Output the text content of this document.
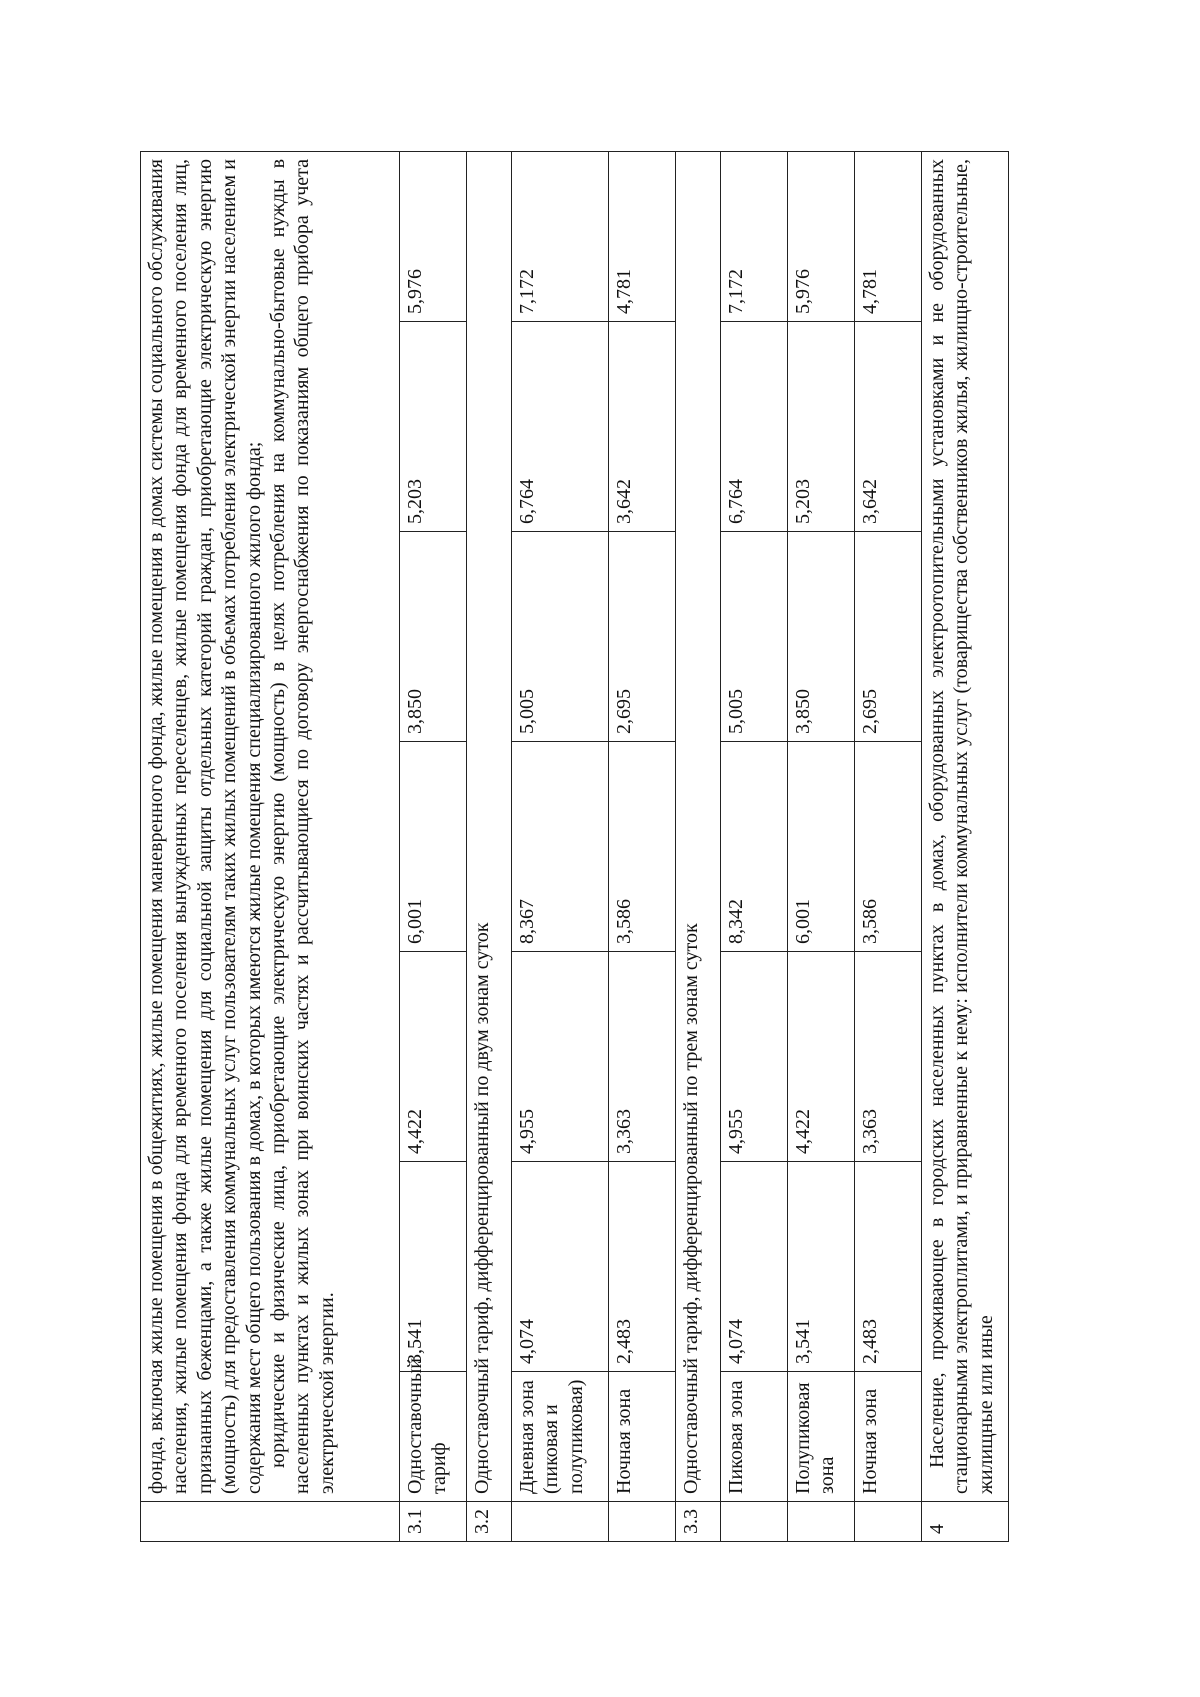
	фонда, включая жилые помещения в общежитиях, жилые помещения маневренного фонда, жилые помещения в домах системы социального обслуживания населения, жилые помещения фонда для временного поселения вынужденных переселенцев, жилые помещения фонда для временного поселения лиц, признанных беженцами, а также жилые помещения для социальной защиты отдельных категорий граждан, приобретающие электрическую энергию (мощность) для предоставления коммунальных услуг пользователям таких жилых помещений в объемах потребления электрической энергии населением и содержания мест общего пользования в домах, в которых имеются жилые помещения специализированного жилого фонда; юридические и физические лица, приобретающие электрическую энергию (мощность) в целях потребления на коммунально-бытовые нужды в населенных пунктах и жилых зонах при воинских частях и рассчитывающиеся по договору энергоснабжения по показаниям общего прибора учета электрической энергии.						

3.1	Одноставочный тариф	3,541	4,422	6,001	3,850	5,203	5,976
3.2	Одноставочный тариф, дифференцированный по двум зонам суток						
	Дневная зона (пиковая и полупиковая)	4,074	4,955	8,367	5,005	6,764	7,172
	Ночная зона	2,483	3,363	3,586	2,695	3,642	4,781
3.3	Одноставочный тариф, дифференцированный по трем зонам суток						
	Пиковая зона	4,074	4,955	8,342	5,005	6,764	7,172
	Полупиковая зона	3,541	4,422	6,001	3,850	5,203	5,976
	Ночная зона	2,483	3,363	3,586	2,695	3,642	4,781
4	Население, проживающее в городских населенных пунктах в домах, оборудованных электроотопительными установками и не оборудованных стационарными электроплитами, и приравненные к нему: исполнители коммунальных услуг (товарищества собственников жилья, жилищно-строительные, жилищные или иные						
